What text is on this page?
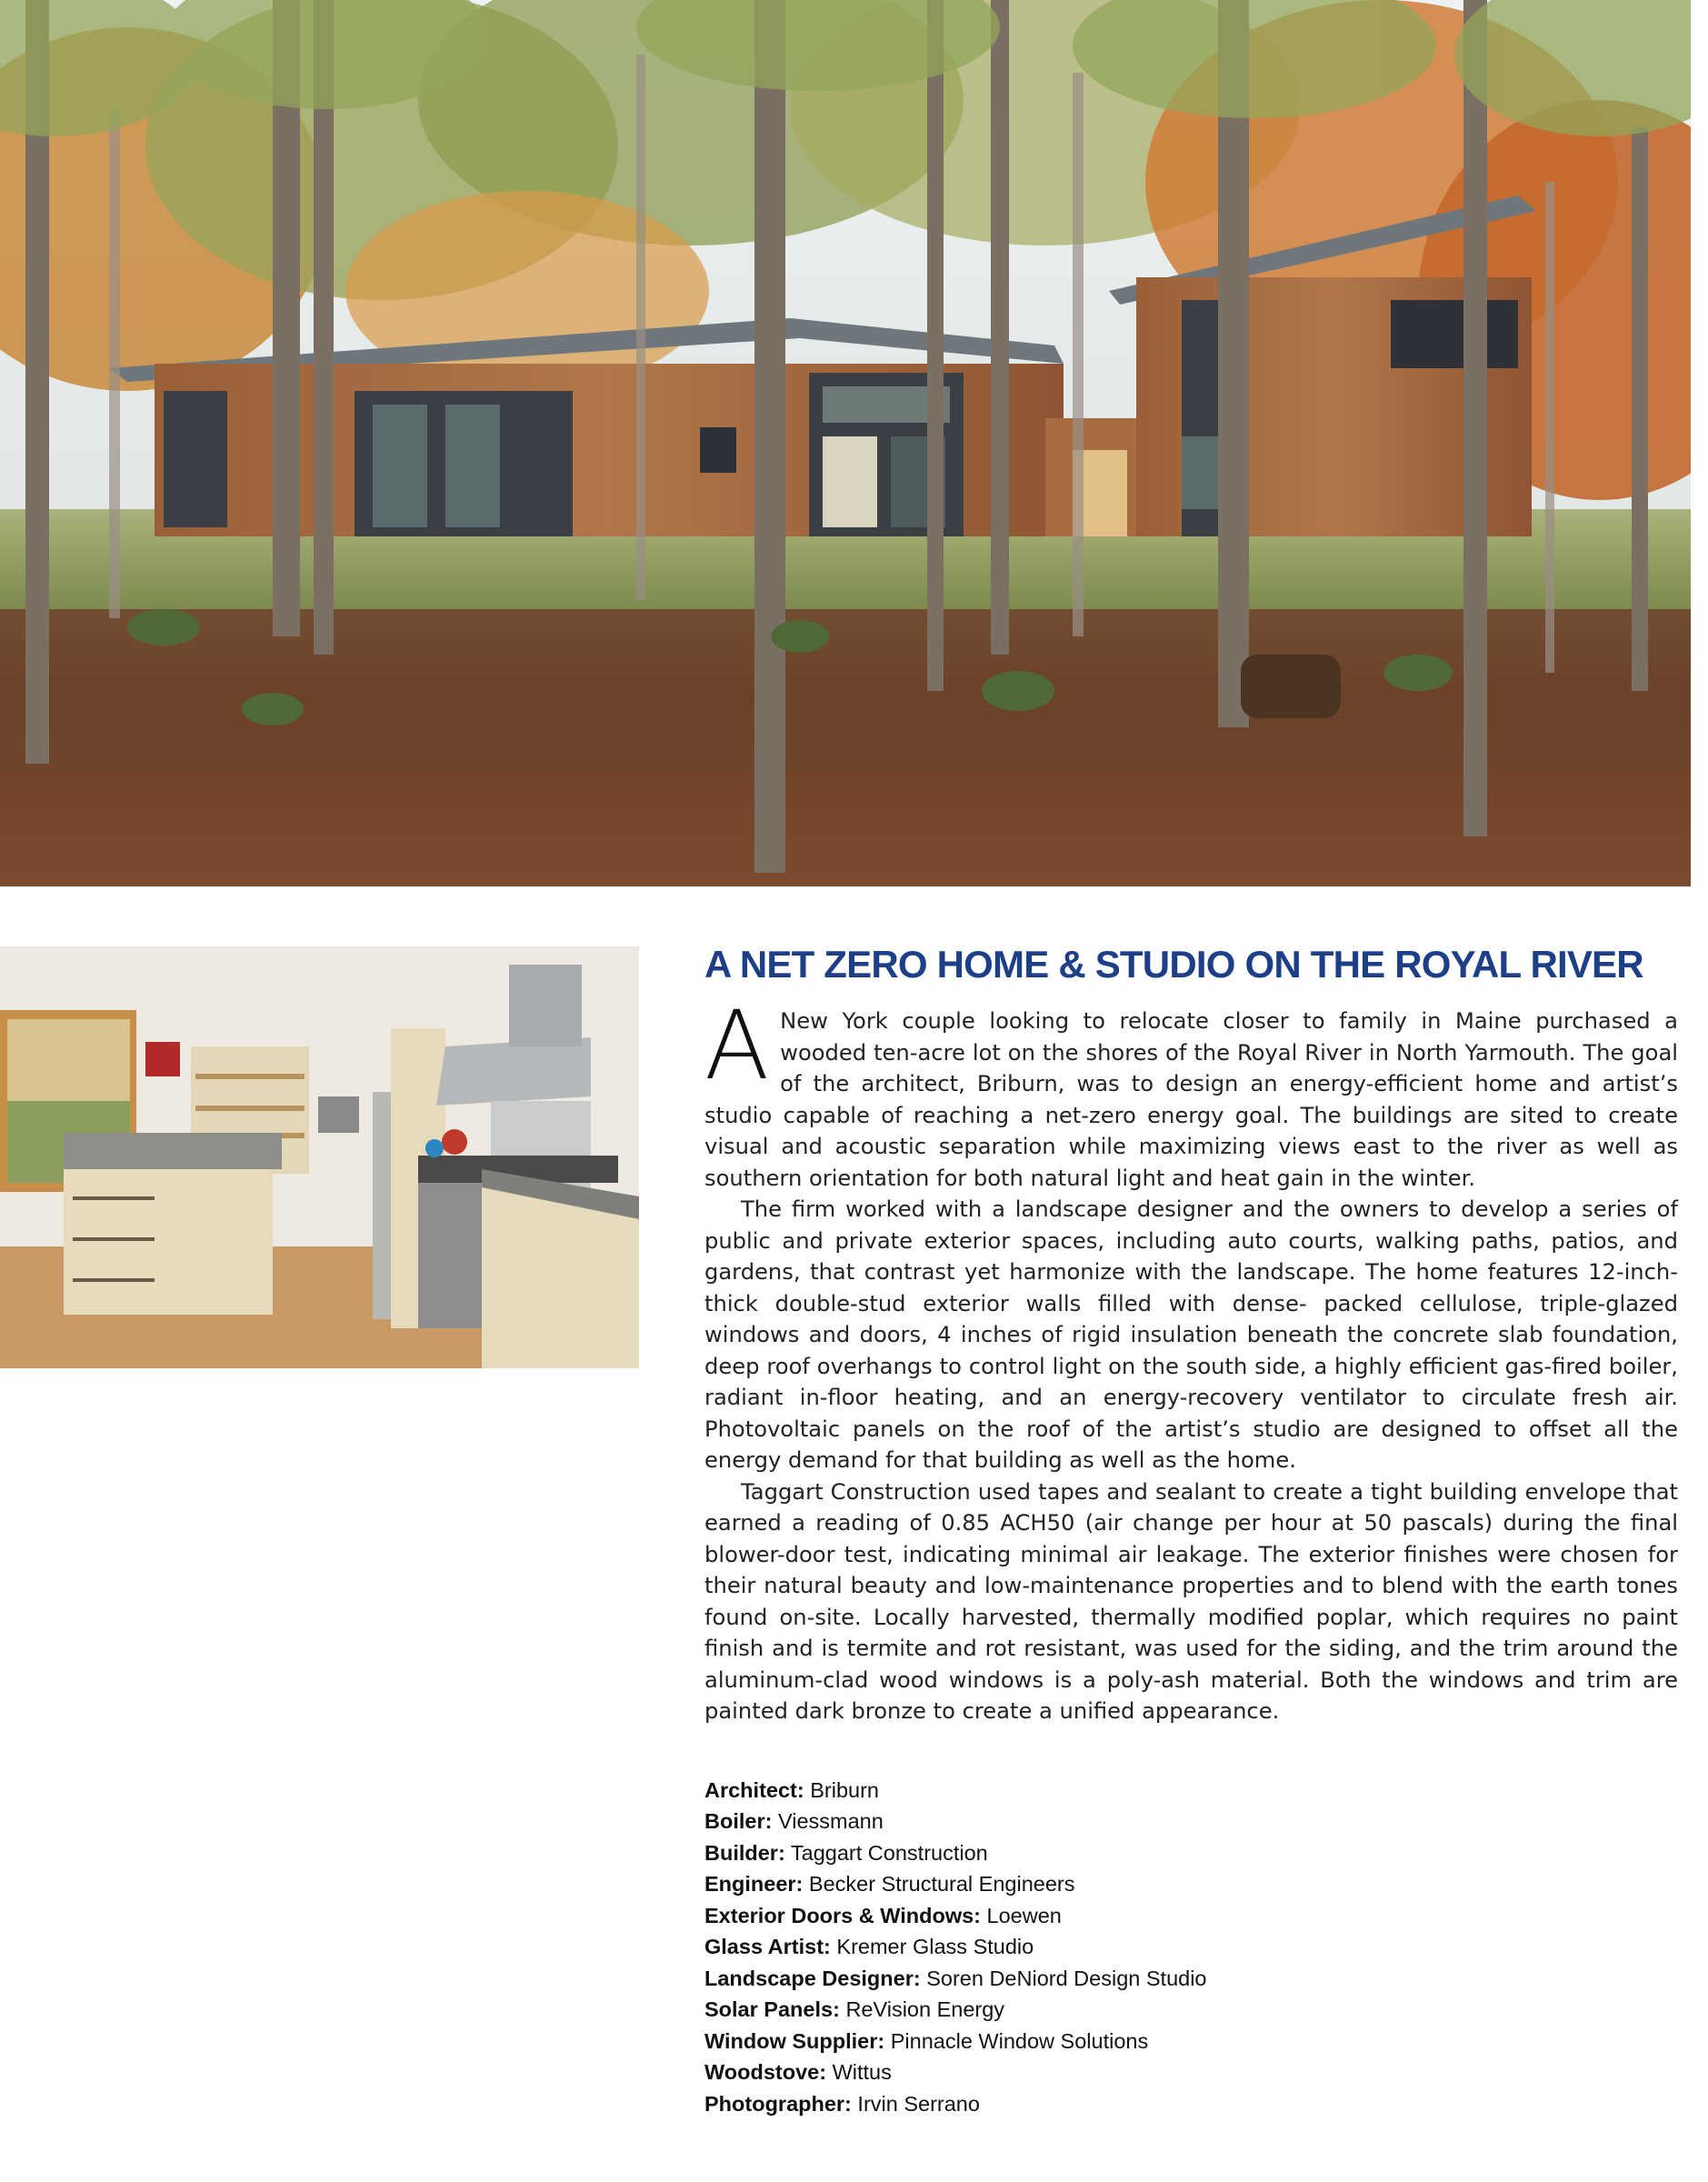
A NET ZERO HOME & STUDIO ON THE ROYAL RIVER

A New York couple looking to relocate closer to family in Maine purchased a wooded ten-acre lot on the shores of the Royal River in North Yarmouth. The goal of the architect, Briburn, was to design an energy-efficient home and artist’s studio capable of reaching a net-zero energy goal. The buildings are sited to create visual and acoustic separation while maximizing views east to the river as well as southern orientation for both natural light and heat gain in the winter.

The firm worked with a landscape designer and the owners to develop a series of public and private exterior spaces, including auto courts, walking paths, patios, and gardens, that contrast yet harmonize with the landscape. The home features 12-inch-thick double-stud exterior walls filled with dense- packed cellulose, triple-glazed windows and doors, 4 inches of rigid insulation beneath the concrete slab foundation, deep roof overhangs to control light on the south side, a highly efficient gas-fired boiler, radiant in-floor heating, and an energy-recovery ventilator to circulate fresh air. Photovoltaic panels on the roof of the artist’s studio are designed to offset all the energy demand for that building as well as the home.

Taggart Construction used tapes and sealant to create a tight building envelope that earned a reading of 0.85 ACH50 (air change per hour at 50 pascals) during the final blower-door test, indicating minimal air leakage. The exterior finishes were chosen for their natural beauty and low-maintenance properties and to blend with the earth tones found on-site. Locally harvested, thermally modified poplar, which requires no paint finish and is termite and rot resistant, was used for the siding, and the trim around the aluminum-clad wood windows is a poly-ash material. Both the windows and trim are painted dark bronze to create a unified appearance.

Architect: Briburn
Boiler: Viessmann
Builder: Taggart Construction
Engineer: Becker Structural Engineers
Exterior Doors & Windows: Loewen
Glass Artist: Kremer Glass Studio
Landscape Designer: Soren DeNiord Design Studio
Solar Panels: ReVision Energy
Window Supplier: Pinnacle Window Solutions
Woodstove: Wittus
Photographer: Irvin Serrano
